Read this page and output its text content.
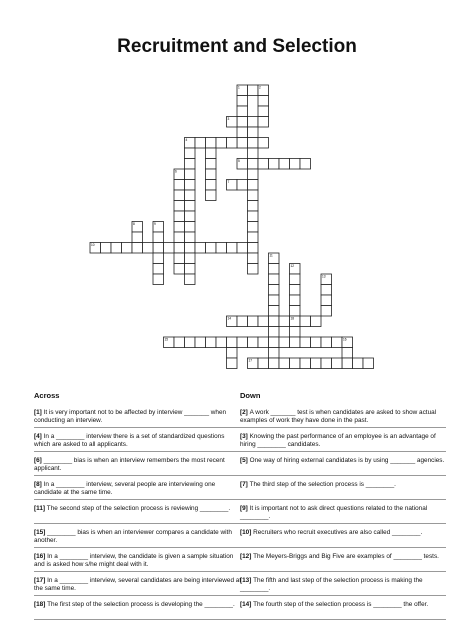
Recruitment and Selection
1	2
3
4
5
6
7
8	9
10
11
12
13
14
15	16
17
18
Across
[1] It is very important not to be affected by interview _______ when conducting an interview.
[4] In a ________ interview there is a set of standardized questions which are asked to all applicants.
[6] ________ bias is when an interview remembers the most recent applicant.
[8] In a ________ interview, several people are interviewing one candidate at the same time.
[11] The second step of the selection process is reviewing ________.
[15] ________ bias is when an interviewer compares a candidate with another.
[16] In a ________ interview, the candidate is given a sample situation and is asked how s/he might deal with it.
[17] In a ________ interview, several candidates are being interviewed at the same time.
[18] The first step of the selection process is developing the ________.
Down
[2] A work _______ test is when candidates are asked to show actual examples of work they have done in the past.
[3] Knowing the past performance of an employee is an advantage of hiring ________ candidates.
[5] One way of hiring external candidates is by using _______ agencies.
[7] The third step of the selection process is ________.
[9] It is important not to ask direct questions related to the national ________.
[10] Recruiters who recruit executives are also called ________.
[12] The Meyers-Briggs and Big Five are examples of ________ tests.
[13] The fifth and last step of the selection process is making the ________.
[14] The fourth step of the selection process is ________ the offer.
